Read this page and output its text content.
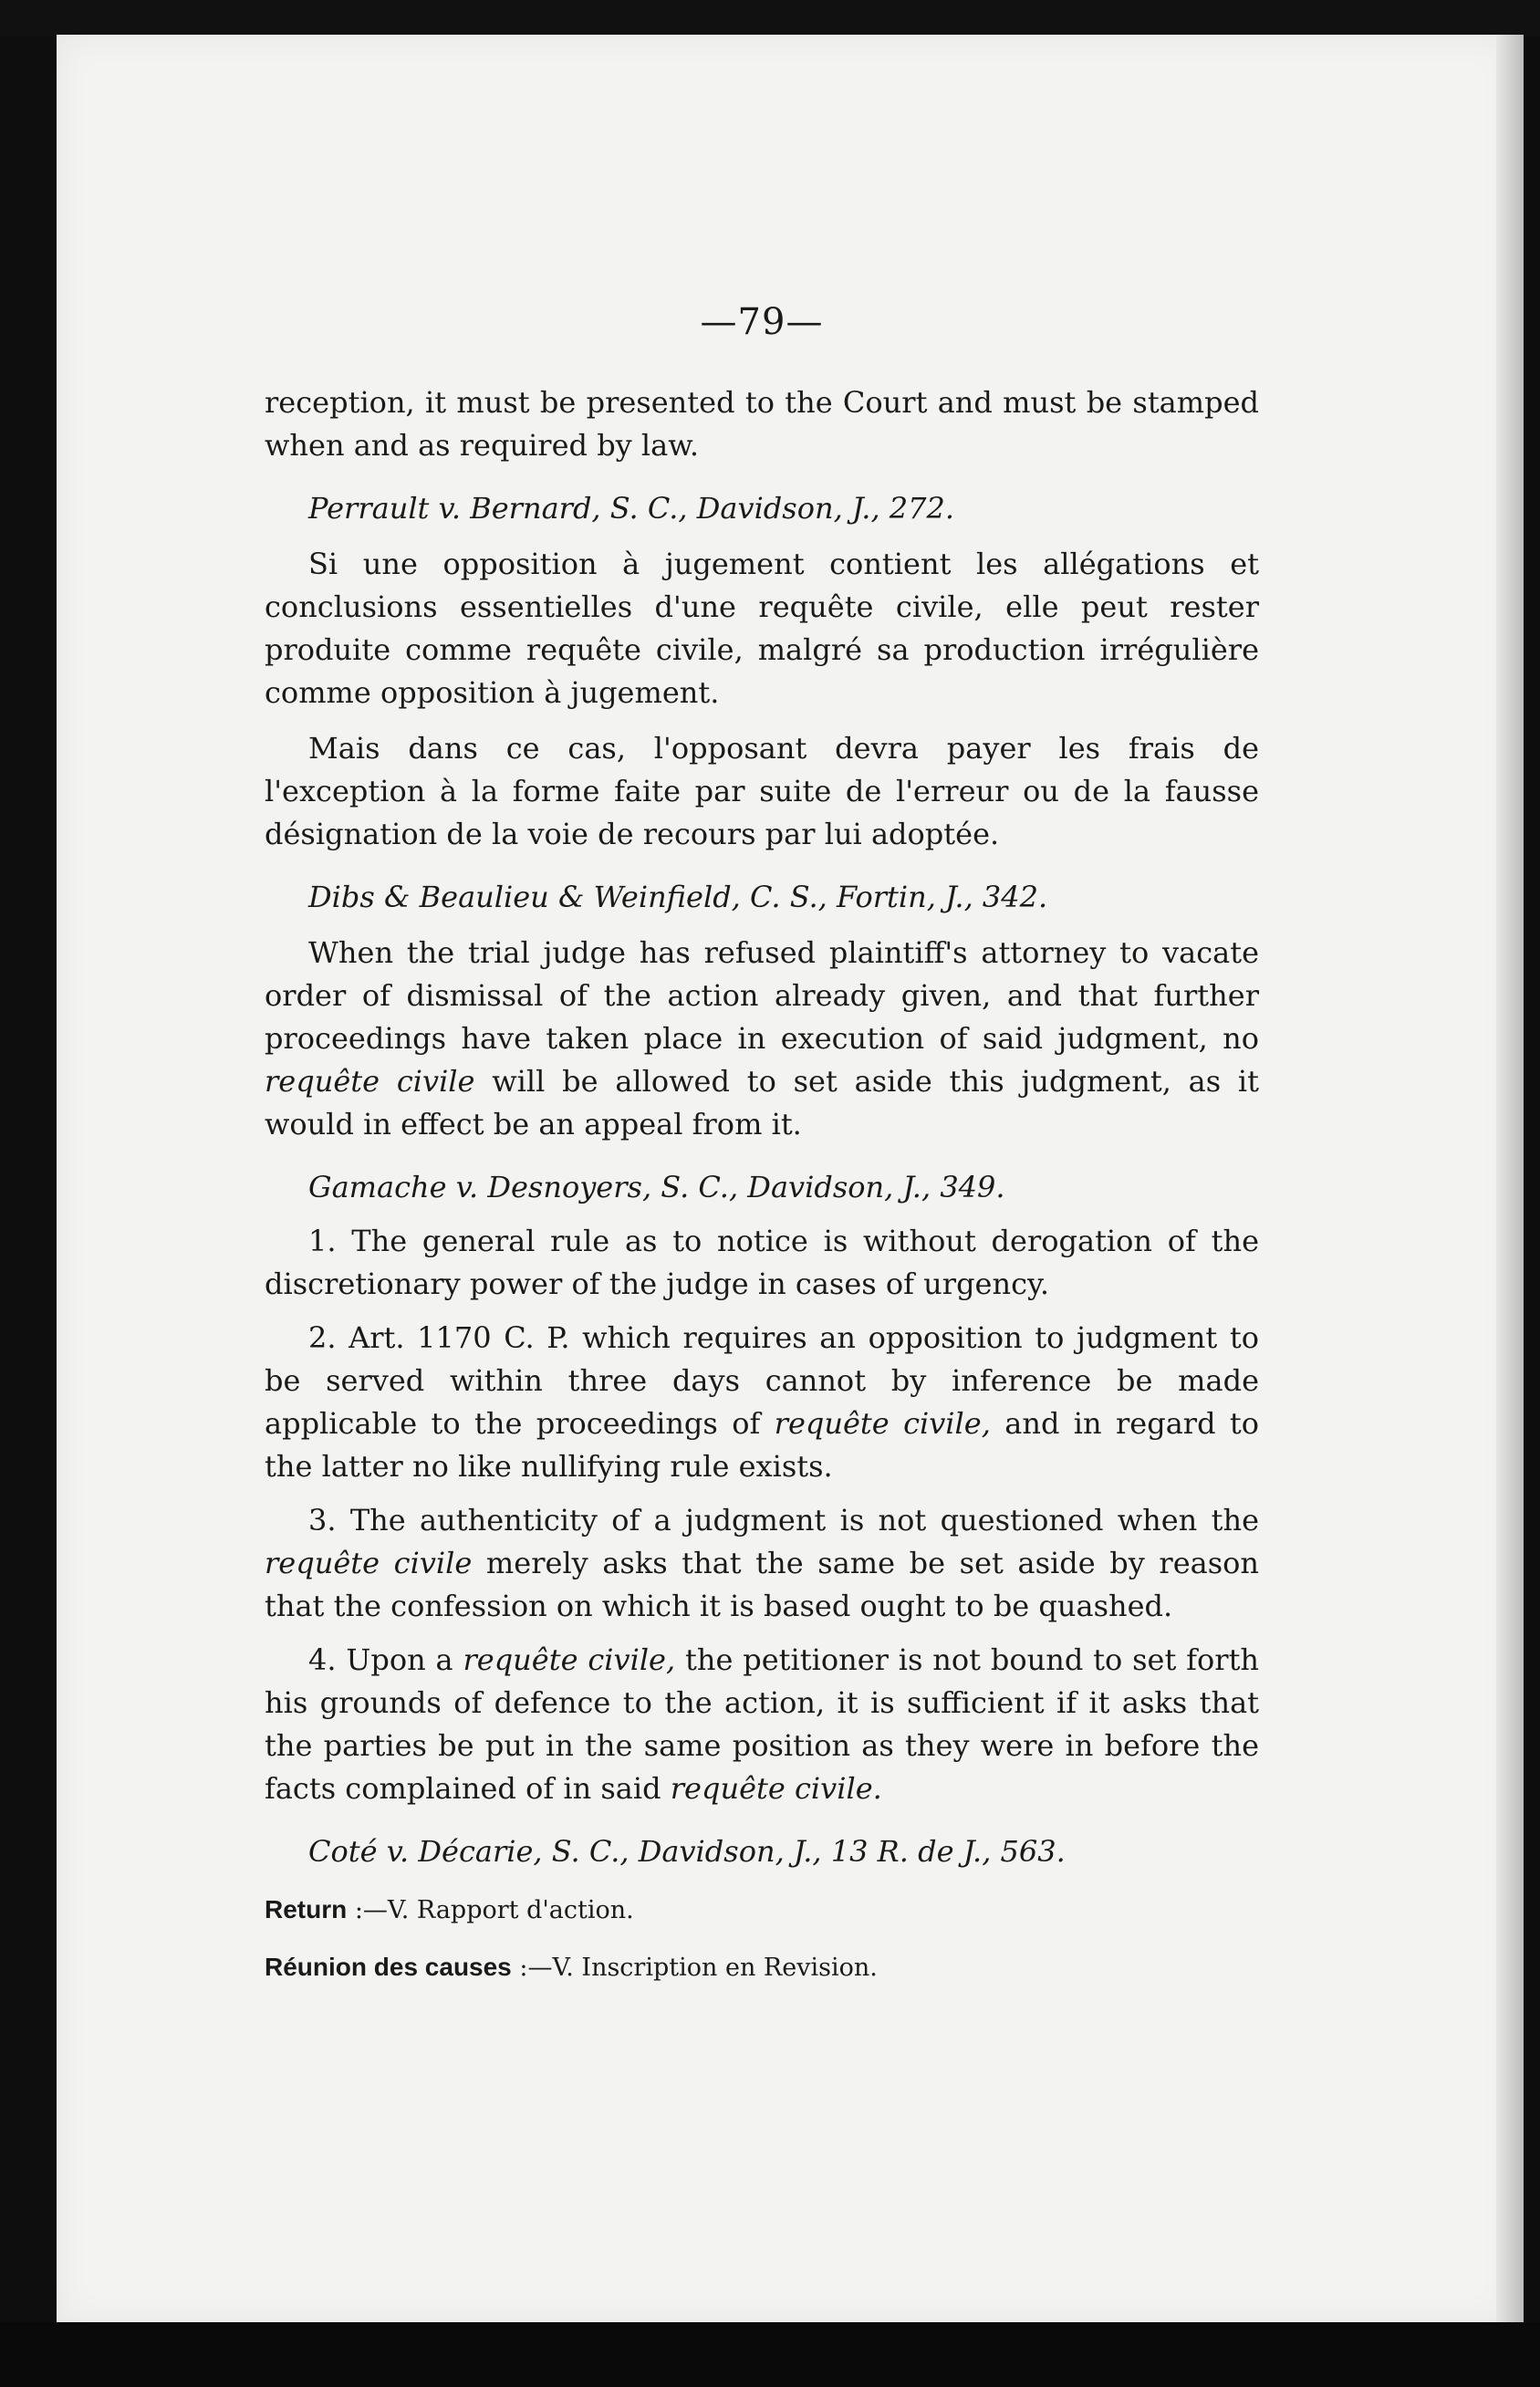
—79—

reception, it must be presented to the Court and must be stamped when and as required by law.

Perrault v. Bernard, S. C., Davidson, J., 272.

Si une opposition à jugement contient les allégations et conclusions essentielles d'une requête civile, elle peut rester produite comme requête civile, malgré sa production irrégulière comme opposition à jugement.

Mais dans ce cas, l'opposant devra payer les frais de l'exception à la forme faite par suite de l'erreur ou de la fausse désignation de la voie de recours par lui adoptée.

Dibs & Beaulieu & Weinfield, C. S., Fortin, J., 342.

When the trial judge has refused plaintiff's attorney to vacate order of dismissal of the action already given, and that further proceedings have taken place in execution of said judgment, no requête civile will be allowed to set aside this judgment, as it would in effect be an appeal from it.

Gamache v. Desnoyers, S. C., Davidson, J., 349.

1. The general rule as to notice is without derogation of the discretionary power of the judge in cases of urgency.

2. Art. 1170 C. P. which requires an opposition to judgment to be served within three days cannot by inference be made applicable to the proceedings of requête civile, and in regard to the latter no like nullifying rule exists.

3. The authenticity of a judgment is not questioned when the requête civile merely asks that the same be set aside by reason that the confession on which it is based ought to be quashed.

4. Upon a requête civile, the petitioner is not bound to set forth his grounds of defence to the action, it is sufficient if it asks that the parties be put in the same position as they were in before the facts complained of in said requête civile.

Coté v. Décarie, S. C., Davidson, J., 13 R. de J., 563.

Return :—V. Rapport d'action.

Réunion des causes :—V. Inscription en Revision.
